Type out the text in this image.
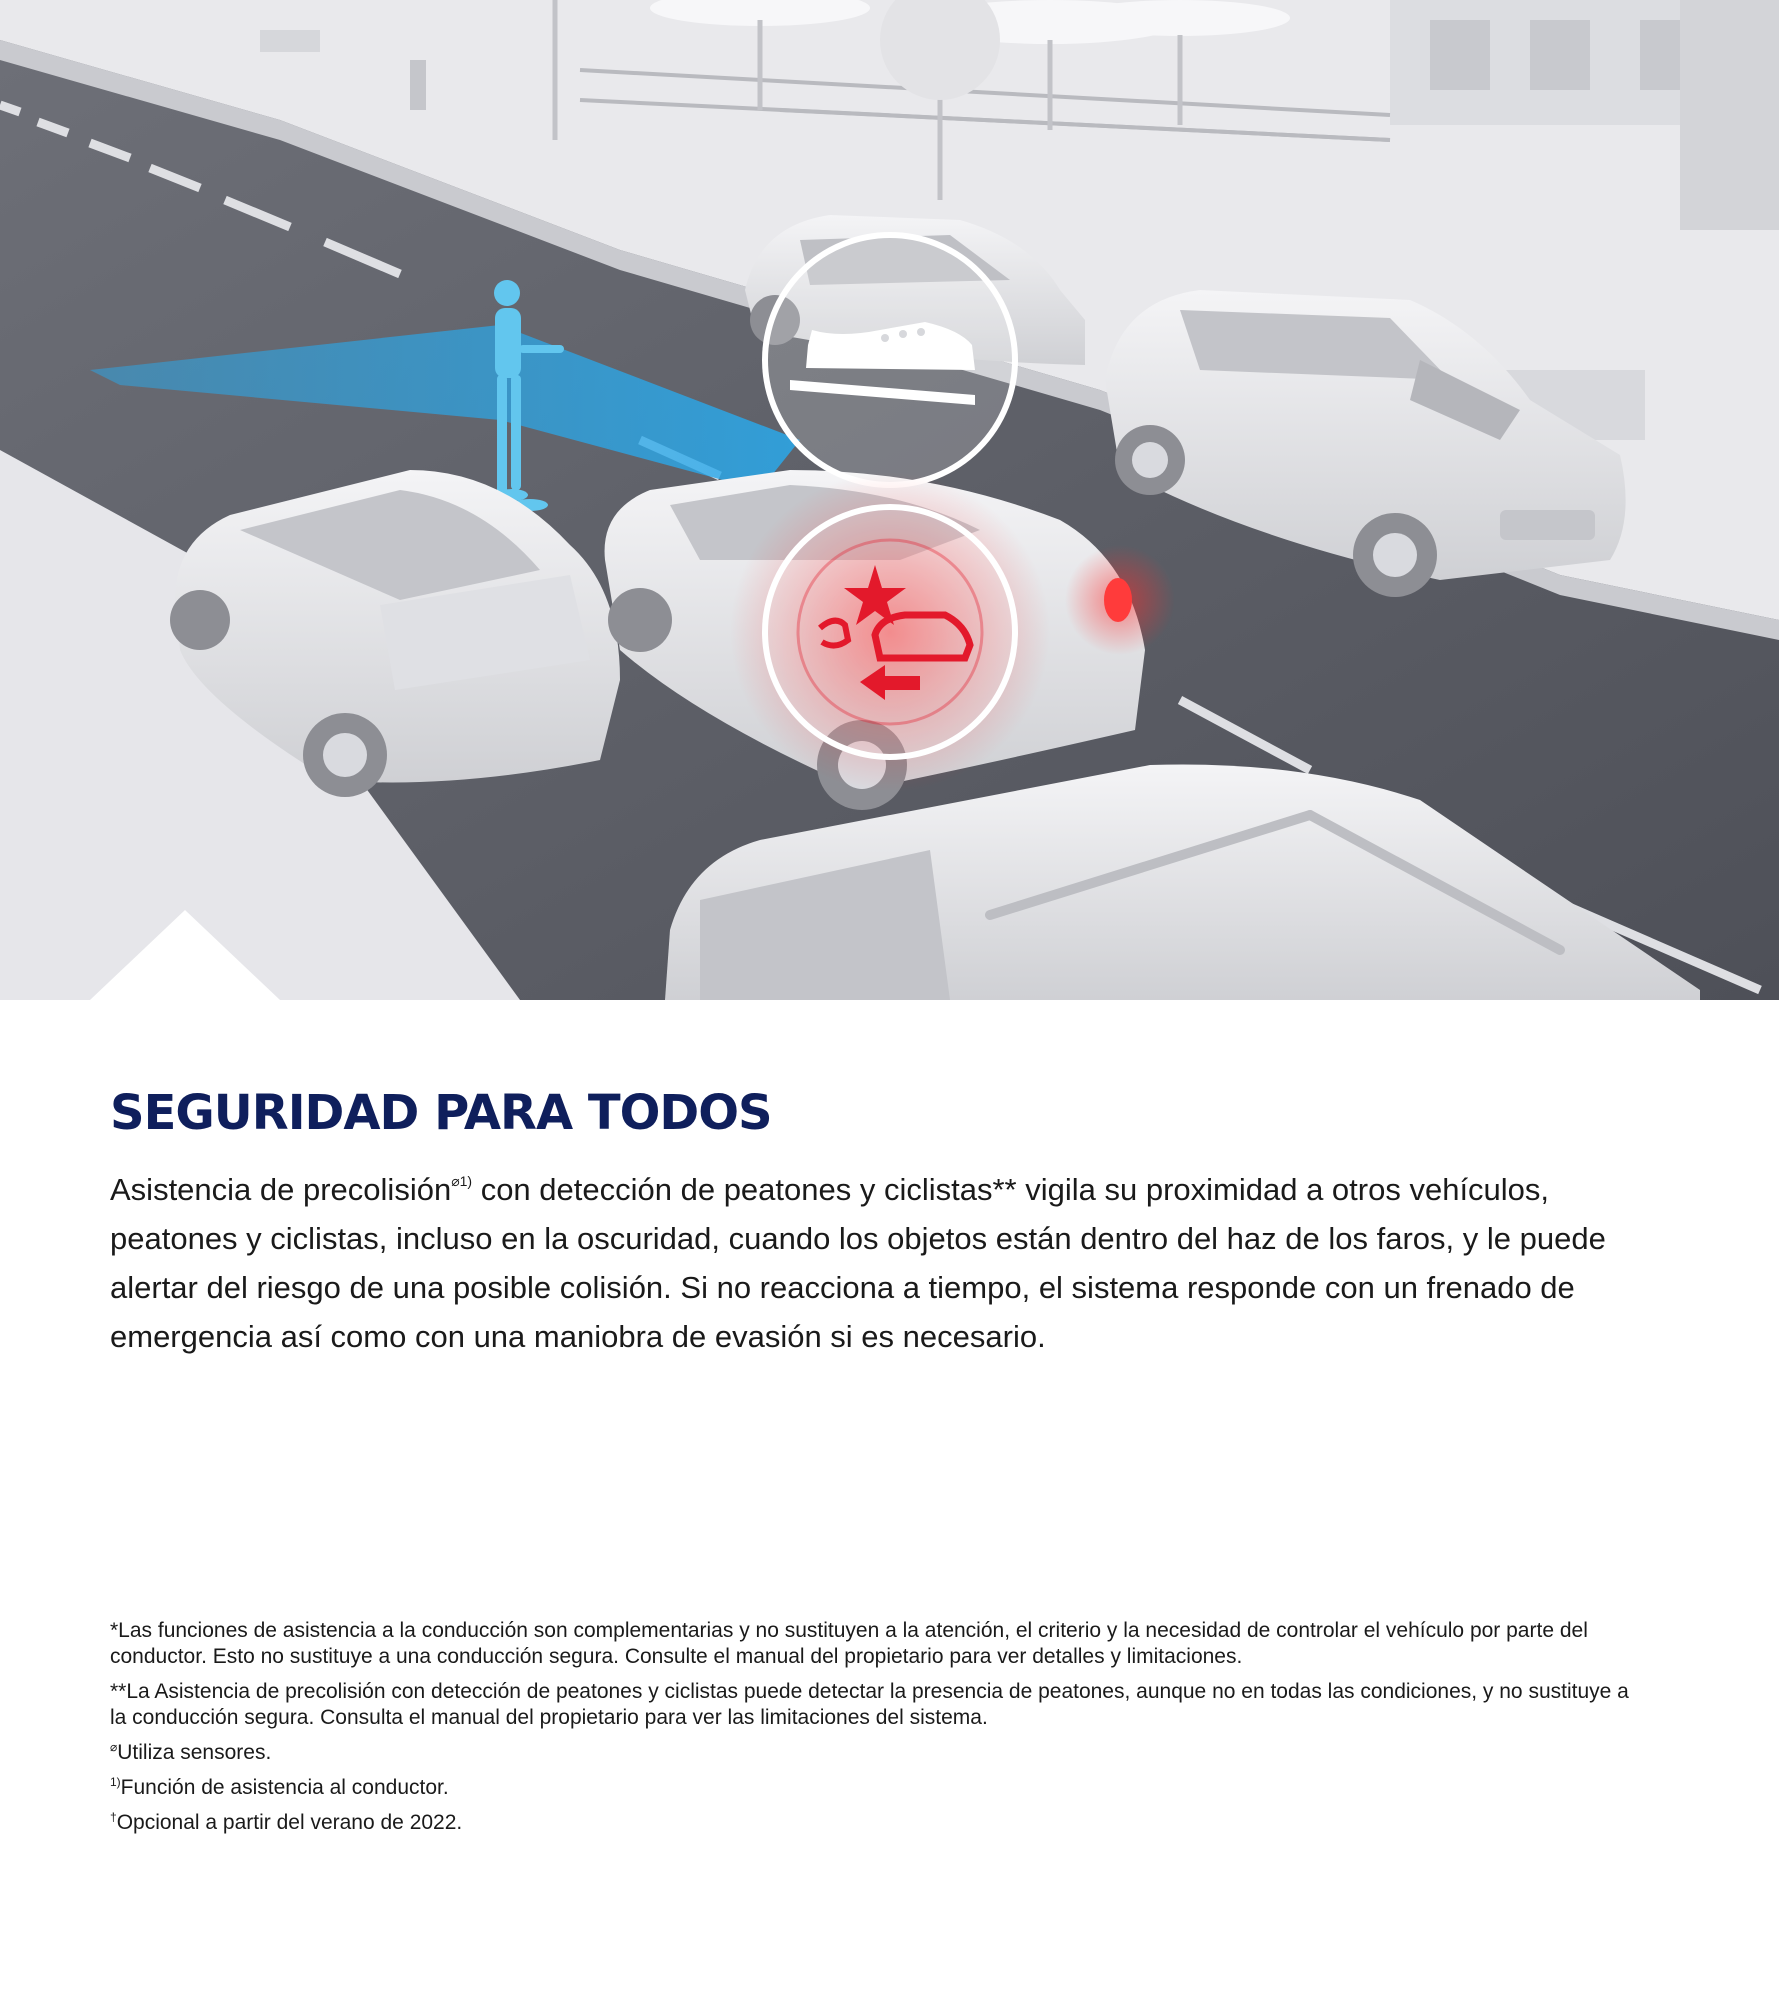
SEGURIDAD PARA TODOS

Asistencia de precolisión$^{⌀1)}$ con detección de peatones y ciclistas** vigila su proximidad a otros vehículos, peatones y ciclistas, incluso en la oscuridad, cuando los objetos están dentro del haz de los faros, y le puede alertar del riesgo de una posible colisión. Si no reacciona a tiempo, el sistema responde con un frenado de emergencia así como con una maniobra de evasión si es necesario.

*Las funciones de asistencia a la conducción son complementarias y no sustituyen a la atención, el criterio y la necesidad de controlar el vehículo por parte del conductor. Esto no sustituye a una conducción segura. Consulte el manual del propietario para ver detalles y limitaciones.

**La Asistencia de precolisión con detección de peatones y ciclistas puede detectar la presencia de peatones, aunque no en todas las condiciones, y no sustituye a la conducción segura. Consulta el manual del propietario para ver las limitaciones del sistema.

⌀Utiliza sensores.

$^{1)}$Función de asistencia al conductor.

†Opcional a partir del verano de 2022.
